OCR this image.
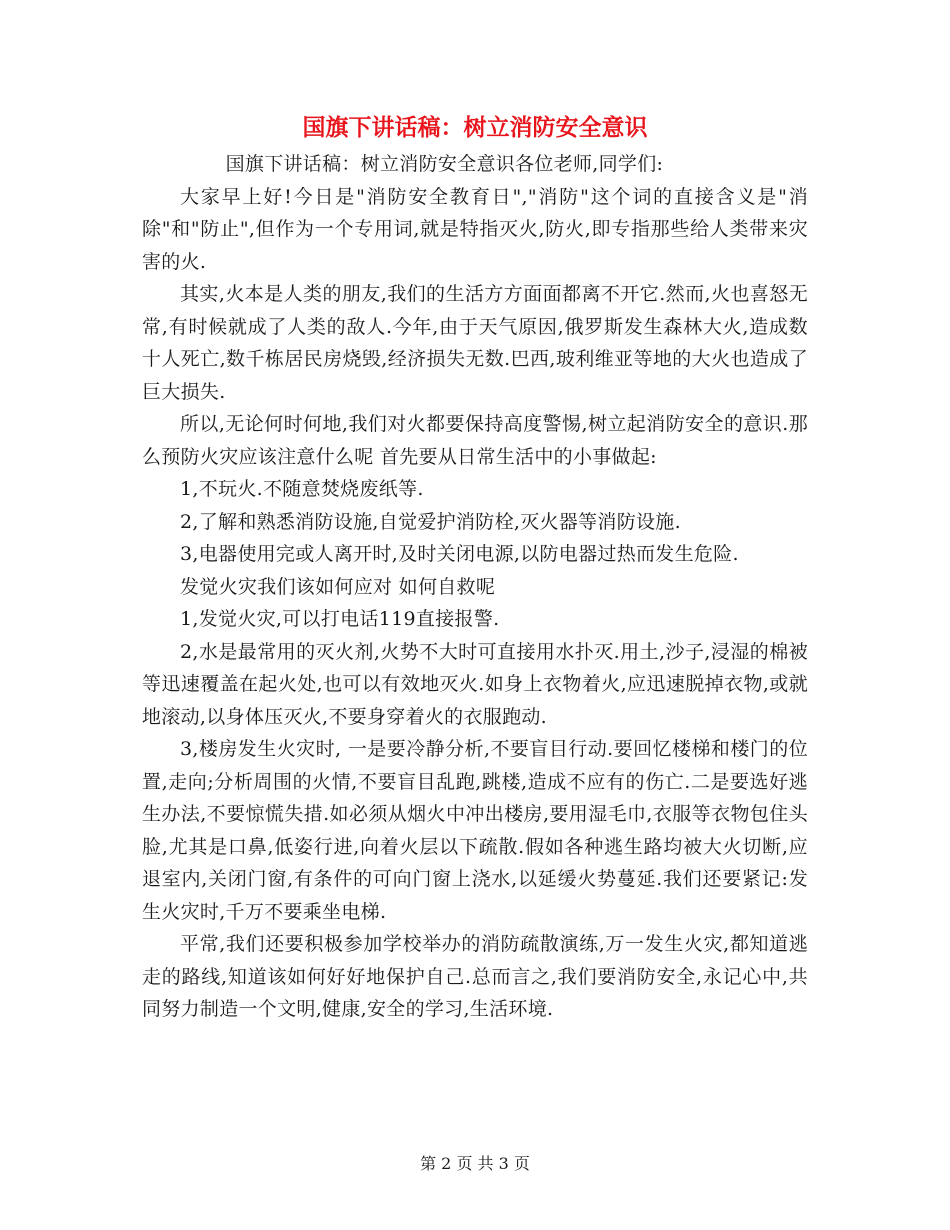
国旗下讲话稿：树立消防安全意识

国旗下讲话稿：树立消防安全意识各位老师,同学们:

大家早上好!今日是"消防安全教育日","消防"这个词的直接含义是"消除"和"防止",但作为一个专用词,就是特指灭火,防火,即专指那些给人类带来灾害的火.

其实,火本是人类的朋友,我们的生活方方面面都离不开它.然而,火也喜怒无常,有时候就成了人类的敌人.今年,由于天气原因,俄罗斯发生森林大火,造成数十人死亡,数千栋居民房烧毁,经济损失无数.巴西,玻利维亚等地的大火也造成了巨大损失.

所以,无论何时何地,我们对火都要保持高度警惕,树立起消防安全的意识.那么预防火灾应该注意什么呢 首先要从日常生活中的小事做起:

1,不玩火.不随意焚烧废纸等.

2,了解和熟悉消防设施,自觉爱护消防栓,灭火器等消防设施.

3,电器使用完或人离开时,及时关闭电源,以防电器过热而发生危险.

发觉火灾我们该如何应对 如何自救呢

1,发觉火灾,可以打电话119直接报警.

2,水是最常用的灭火剂,火势不大时可直接用水扑灭.用土,沙子,浸湿的棉被等迅速覆盖在起火处,也可以有效地灭火.如身上衣物着火,应迅速脱掉衣物,或就地滚动,以身体压灭火,不要身穿着火的衣服跑动.

3,楼房发生火灾时, 一是要冷静分析,不要盲目行动.要回忆楼梯和楼门的位置,走向;分析周围的火情,不要盲目乱跑,跳楼,造成不应有的伤亡.二是要选好逃生办法,不要惊慌失措.如必须从烟火中冲出楼房,要用湿毛巾,衣服等衣物包住头脸,尤其是口鼻,低姿行进,向着火层以下疏散.假如各种逃生路均被大火切断,应退室内,关闭门窗,有条件的可向门窗上浇水,以延缓火势蔓延.我们还要紧记:发生火灾时,千万不要乘坐电梯.

平常,我们还要积极参加学校举办的消防疏散演练,万一发生火灾,都知道逃走的路线,知道该如何好好地保护自己.总而言之,我们要消防安全,永记心中,共同努力制造一个文明,健康,安全的学习,生活环境.

第 2 页 共 3 页
